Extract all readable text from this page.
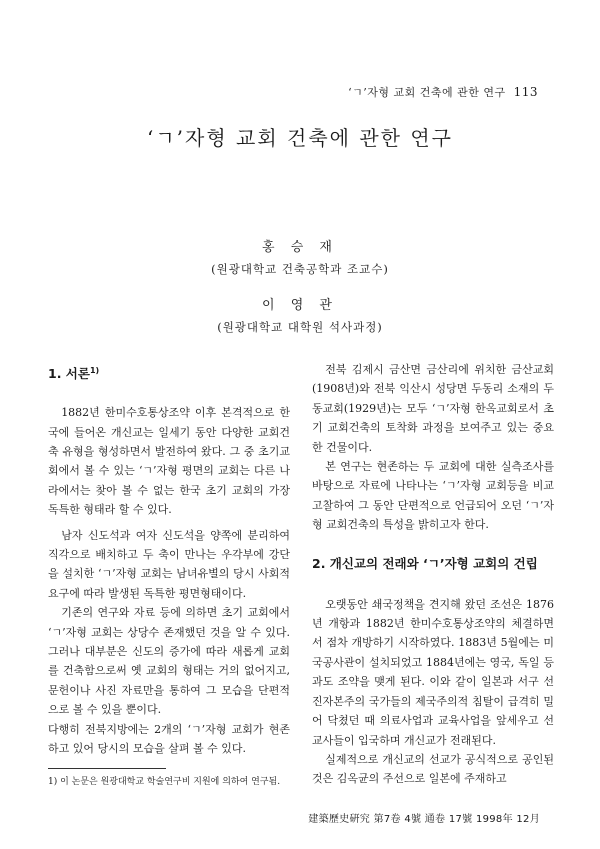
‘ㄱ’자형 교회 건축에 관한 연구 113
‘ㄱ’자형 교회 건축에 관한 연구
홍 승 재
(원광대학교 건축공학과 조교수)
이 영 관
(원광대학교 대학원 석사과정)
1. 서론$^{1)}$

1882년 한미수호통상조약 이후 본격적으로 한국에 들어온 개신교는 일세기 동안 다양한 교회건축 유형을 형성하면서 발전하여 왔다. 그 중 초기교회에서 볼 수 있는 ‘ㄱ’자형 평면의 교회는 다른 나라에서는 찾아 볼 수 없는 한국 초기 교회의 가장 독특한 형태라 할 수 있다.

남자 신도석과 여자 신도석을 양쪽에 분리하여 직각으로 배치하고 두 축이 만나는 우각부에 강단을 설치한 ‘ㄱ’자형 교회는 남녀유별의 당시 사회적 요구에 따라 발생된 독특한 평면형태이다.

기존의 연구와 자료 등에 의하면 초기 교회에서 ‘ㄱ’자형 교회는 상당수 존재했던 것을 알 수 있다. 그러나 대부분은 신도의 증가에 따라 새롭게 교회를 건축함으로써 옛 교회의 형태는 거의 없어지고, 문헌이나 사진 자료만을 통하여 그 모습을 단편적으로 볼 수 있을 뿐이다.

다행히 전북지방에는 2개의 ‘ㄱ’자형 교회가 현존하고 있어 당시의 모습을 살펴 볼 수 있다.

전북 김제시 금산면 금산리에 위치한 금산교회(1908년)와 전북 익산시 성당면 두동리 소재의 두동교회(1929년)는 모두 ‘ㄱ’자형 한옥교회로서 초기 교회건축의 토착화 과정을 보여주고 있는 중요한 건물이다.

본 연구는 현존하는 두 교회에 대한 실측조사를 바탕으로 자료에 나타나는 ‘ㄱ’자형 교회등을 비교 고찰하여 그 동안 단편적으로 언급되어 오던 ‘ㄱ’자형 교회건축의 특성을 밝히고자 한다.

2. 개신교의 전래와 ‘ㄱ’자형 교회의 건립

오랫동안 쇄국정책을 견지해 왔던 조선은 1876년 개항과 1882년 한미수호통상조약의 체결하면서 점차 개방하기 시작하였다. 1883년 5월에는 미국공사관이 설치되었고 1884년에는 영국, 독일 등과도 조약을 맺게 된다. 이와 같이 일본과 서구 선진자본주의 국가들의 제국주의적 침탈이 급격히 밀어 닥쳤던 때 의료사업과 교육사업을 앞세우고 선교사들이 입국하며 개신교가 전래된다.

실제적으로 개신교의 선교가 공식적으로 공인된 것은 김옥균의 주선으로 일본에 주재하고

1) 이 논문은 원광대학교 학술연구비 지원에 의하여 연구됨.
建築歷史硏究 第7卷 4號 通卷 17號 1998年 12月
